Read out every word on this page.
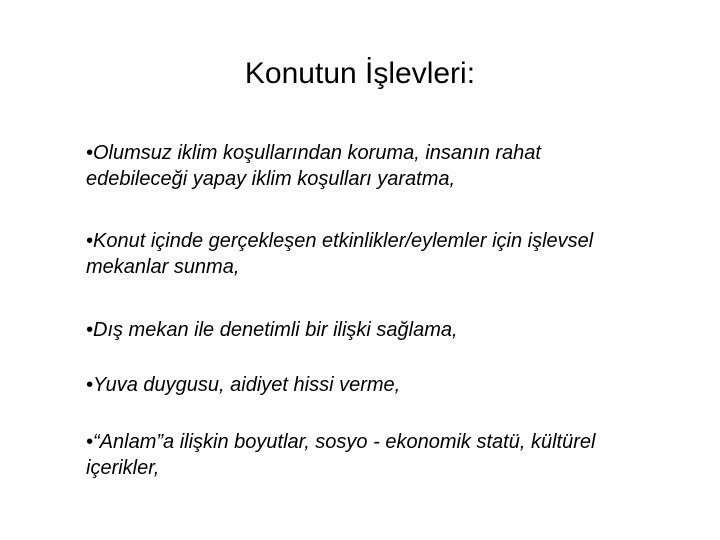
Konutun İşlevleri:
•Olumsuz iklim koşullarından koruma, insanın rahat edebileceği yapay iklim koşulları yaratma,
•Konut içinde gerçekleşen etkinlikler/eylemler için işlevsel mekanlar sunma,
•Dış mekan ile denetimli bir ilişki sağlama,
•Yuva duygusu, aidiyet hissi verme,
•“Anlam”a ilişkin boyutlar, sosyo - ekonomik statü, kültürel içerikler,
